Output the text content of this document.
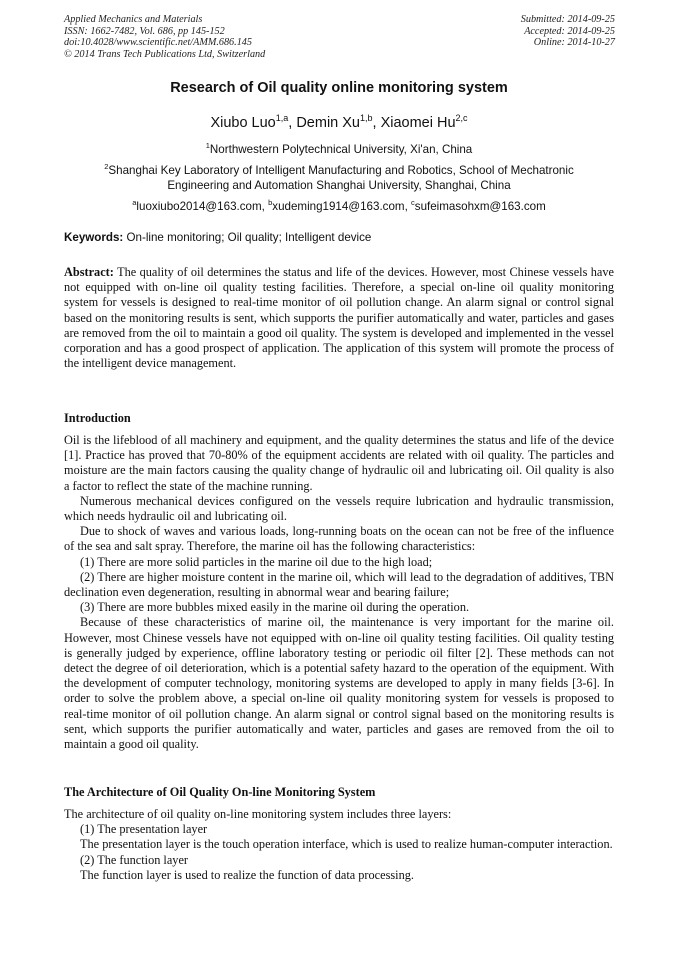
Applied Mechanics and Materials
ISSN: 1662-7482, Vol. 686, pp 145-152
doi:10.4028/www.scientific.net/AMM.686.145
© 2014 Trans Tech Publications Ltd, Switzerland
Submitted: 2014-09-25
Accepted: 2014-09-25
Online: 2014-10-27
Research of Oil quality online monitoring system
Xiubo Luo$^{1,a}$, Demin Xu$^{1,b}$, Xiaomei Hu$^{2,c}$
$^1$Northwestern Polytechnical University, Xi'an, China
$^2$Shanghai Key Laboratory of Intelligent Manufacturing and Robotics, School of Mechatronic
Engineering and Automation Shanghai University, Shanghai, China
$^a$luoxiubo2014@163.com, $^b$xudeming1914@163.com, $^c$sufeimasohxm@163.com
Keywords: On-line monitoring; Oil quality; Intelligent device

Abstract: The quality of oil determines the status and life of the devices. However, most Chinese vessels have not equipped with on-line oil quality testing facilities. Therefore, a special on-line oil quality monitoring system for vessels is designed to real-time monitor of oil pollution change. An alarm signal or control signal based on the monitoring results is sent, which supports the purifier automatically and water, particles and gases are removed from the oil to maintain a good oil quality. The system is developed and implemented in the vessel corporation and has a good prospect of application. The application of this system will promote the process of the intelligent device management.

Introduction

Oil is the lifeblood of all machinery and equipment, and the quality determines the status and life of the device [1]. Practice has proved that 70-80% of the equipment accidents are related with oil quality. The particles and moisture are the main factors causing the quality change of hydraulic oil and lubricating oil. Oil quality is also a factor to reflect the state of the machine running.

Numerous mechanical devices configured on the vessels require lubrication and hydraulic transmission, which needs hydraulic oil and lubricating oil.

Due to shock of waves and various loads, long-running boats on the ocean can not be free of the influence of the sea and salt spray. Therefore, the marine oil has the following characteristics:

(1) There are more solid particles in the marine oil due to the high load;

(2) There are higher moisture content in the marine oil, which will lead to the degradation of additives, TBN declination even degeneration, resulting in abnormal wear and bearing failure;

(3) There are more bubbles mixed easily in the marine oil during the operation.

Because of these characteristics of marine oil, the maintenance is very important for the marine oil. However, most Chinese vessels have not equipped with on-line oil quality testing facilities. Oil quality testing is generally judged by experience, offline laboratory testing or periodic oil filter [2]. These methods can not detect the degree of oil deterioration, which is a potential safety hazard to the operation of the equipment. With the development of computer technology, monitoring systems are developed to apply in many fields [3-6]. In order to solve the problem above, a special on-line oil quality monitoring system for vessels is proposed to real-time monitor of oil pollution change. An alarm signal or control signal based on the monitoring results is sent, which supports the purifier automatically and water, particles and gases are removed from the oil to maintain a good oil quality.

The Architecture of Oil Quality On-line Monitoring System

The architecture of oil quality on-line monitoring system includes three layers:

(1) The presentation layer

The presentation layer is the touch operation interface, which is used to realize human-computer interaction.

(2) The function layer

The function layer is used to realize the function of data processing.
